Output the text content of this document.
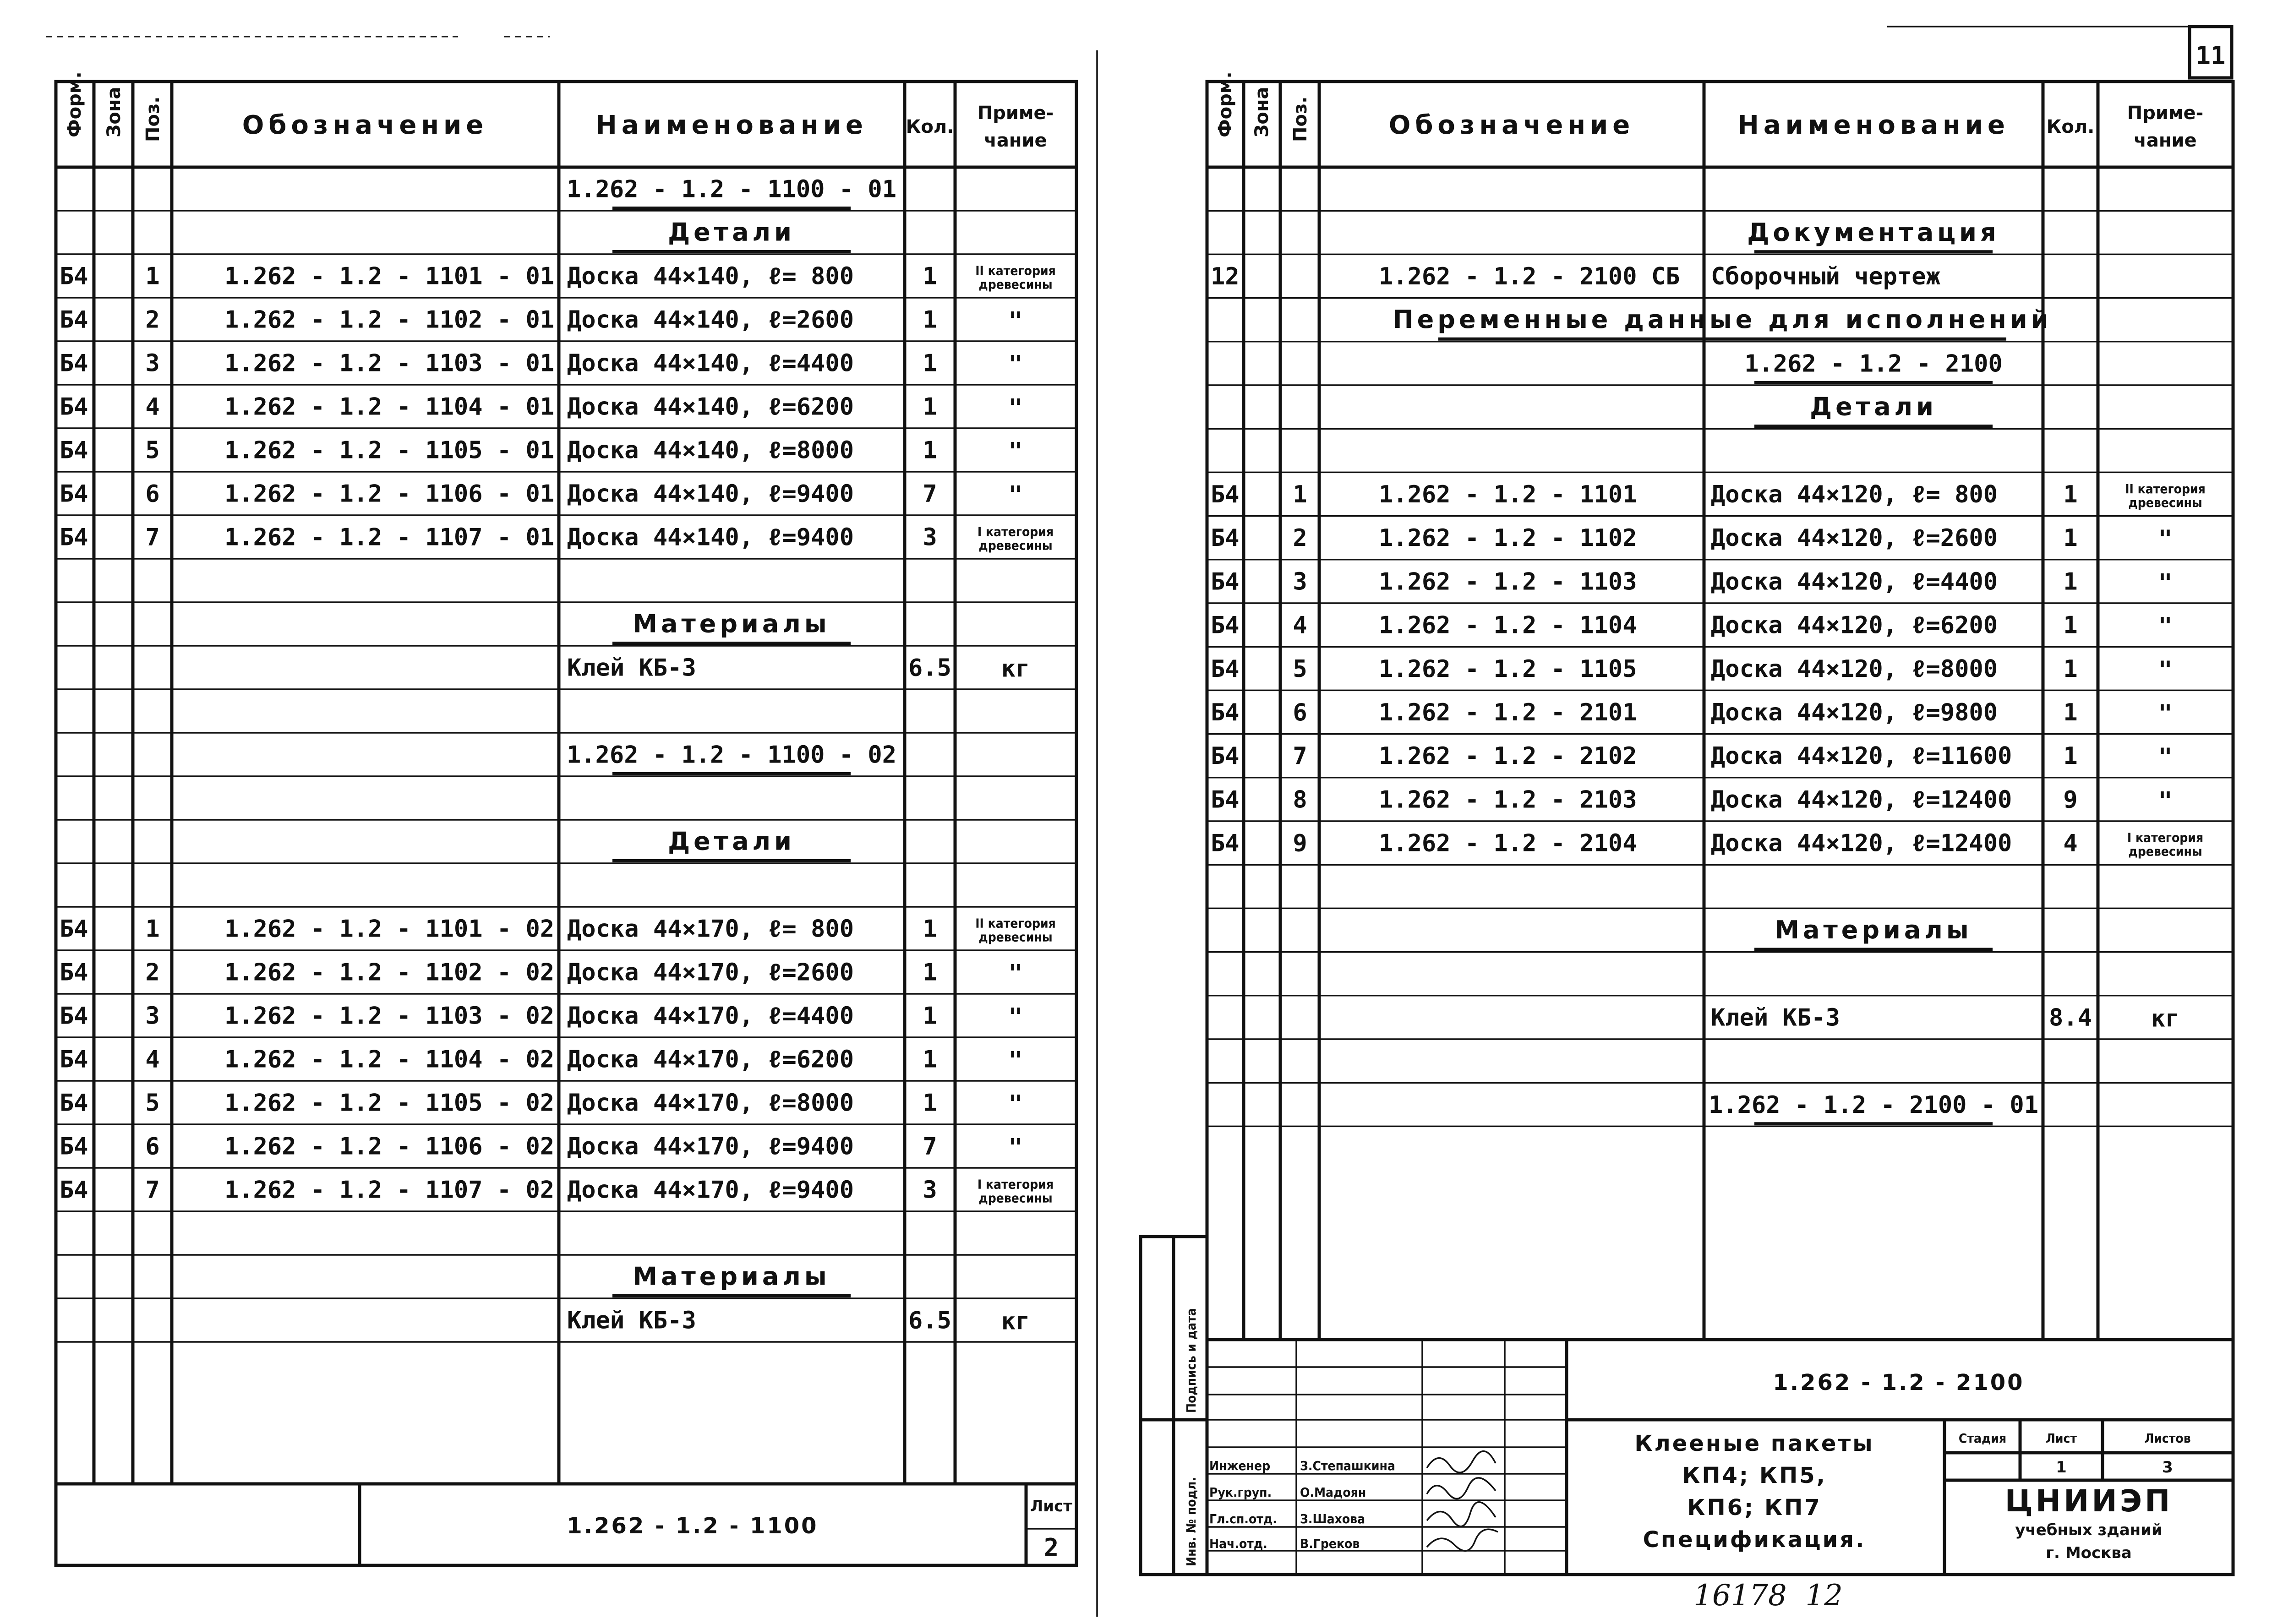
11
Форм. Зона Поз.	Обозначение	Наименование Кол.
Приме-
чание
1.262 - 1.2 - 1100 - 01
Детали
Б4 1	1.262 - 1.2 - 1101 - 01 Доска 44×140, ℓ= 800	1	II категория древесины
Б4 2	1.262 - 1.2 - 1102 - 01 Доска 44×140, ℓ=2600	1	"
Б4 3	1.262 - 1.2 - 1103 - 01 Доска 44×140, ℓ=4400	1	"
Б4 4	1.262 - 1.2 - 1104 - 01 Доска 44×140, ℓ=6200	1	"
Б4 5	1.262 - 1.2 - 1105 - 01 Доска 44×140, ℓ=8000	1	"
Б4 6	1.262 - 1.2 - 1106 - 01 Доска 44×140, ℓ=9400	7	"
Б4 7	1.262 - 1.2 - 1107 - 01 Доска 44×140, ℓ=9400	3	I категория древесины
Материалы
Клей КБ-3	6.5 кг
1.262 - 1.2 - 1100 - 02
Детали
Б4 1	1.262 - 1.2 - 1101 - 02 Доска 44×170, ℓ= 800	1	II категория древесины
Б4 2	1.262 - 1.2 - 1102 - 02 Доска 44×170, ℓ=2600	1	"
Б4 3	1.262 - 1.2 - 1103 - 02 Доска 44×170, ℓ=4400	1	"
Б4 4	1.262 - 1.2 - 1104 - 02 Доска 44×170, ℓ=6200	1	"
Б4 5	1.262 - 1.2 - 1105 - 02 Доска 44×170, ℓ=8000	1	"
Б4 6	1.262 - 1.2 - 1106 - 02 Доска 44×170, ℓ=9400	7	"
Б4 7	1.262 - 1.2 - 1107 - 02 Доска 44×170, ℓ=9400	3	I категория древесины
Материалы
Клей КБ-3	6.5 кг
1.262 - 1.2 - 1100
Лист
2
Форм. Зона Поз.	Обозначение	Наименование Кол.
Приме-
чание
Документация
12	1.262 - 1.2 - 2100 СБ Сборочный чертеж
Переменные данные для исполнений
1.262 - 1.2 - 2100
Детали
Б4 1	1.262 - 1.2 - 1101	Доска 44×120, ℓ= 800	1	II категория древесины
Б4 2	1.262 - 1.2 - 1102	Доска 44×120, ℓ=2600	1	"
Б4 3	1.262 - 1.2 - 1103	Доска 44×120, ℓ=4400	1	"
Б4 4	1.262 - 1.2 - 1104	Доска 44×120, ℓ=6200	1	"
Б4 5	1.262 - 1.2 - 1105	Доска 44×120, ℓ=8000	1	"
Б4 6	1.262 - 1.2 - 2101	Доска 44×120, ℓ=9800	1	"
Б4 7	1.262 - 1.2 - 2102	Доска 44×120, ℓ=11600 1	"
Б4 8	1.262 - 1.2 - 2103	Доска 44×120, ℓ=12400 9	"
Б4 9	1.262 - 1.2 - 2104	Доска 44×120, ℓ=12400 4	I категория древесины
Материалы
Клей КБ-3	8.4 кг
1.262 - 1.2 - 2100 - 01
1.262 - 1.2 - 2100
Клееные пакеты
КП4; КП5,
КП6; КП7
Спецификация.
Стадия	Лист	Листов
1	3
ЦНИИЭП
учебных зданий
г. Москва
Инженер З.Степашкина
Рук.груп. О.Мадоян
Гл.сп.отд. З.Шахова
Нач.отд.	В.Греков
Инв. № подл.
Подпись и дата
16178  12
